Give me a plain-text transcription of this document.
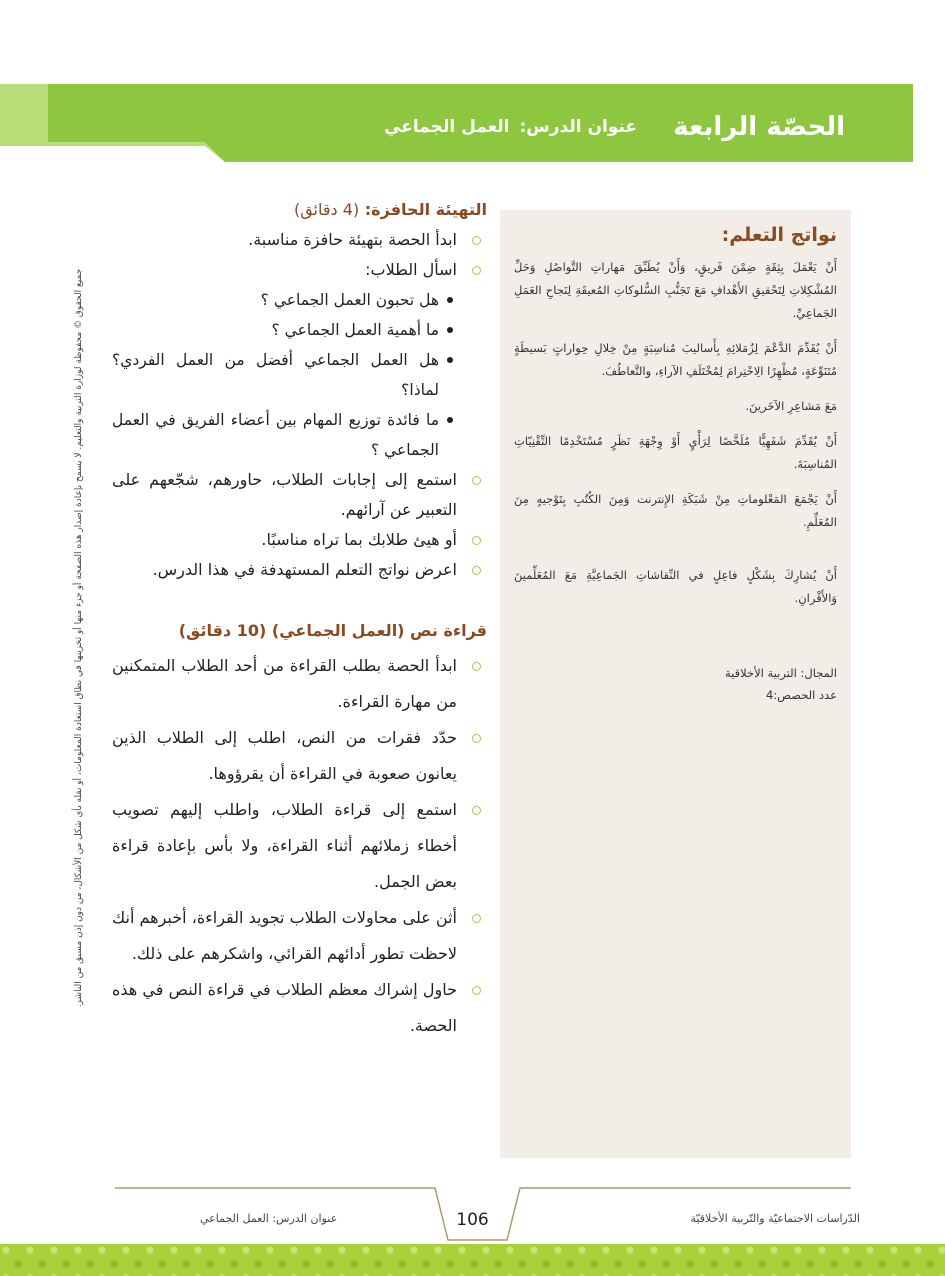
الحصّة الرابعة
عنوان الدرس:العمل الجماعي
جميع الحقوق © محفوظة لوزارة التربية والتعليم. لا يسمح بإعادة إصدار هذه الصفحة أو جزء منها أو تخزينها في نطاق استعادة المعلومات، أو نقله بأي شكل من الأشكال، من دون إذن مسبق من الناشر.
التهيئة الحافزة: (4 دقائق)
ابدأ الحصة بتهيئة حافزة مناسبة.
اسأل الطلاب:
هل تحبون العمل الجماعي ؟
ما أهمية العمل الجماعي ؟
هل العمل الجماعي أفضل من العمل الفردي؟ لماذا؟
ما فائدة توزيع المهام بين أعضاء الفريق في العمل الجماعي ؟
استمع إلى إجابات الطلاب، حاورهم، شجّعهم على التعبير عن آرائهم.
أو هيئ طلابك بما تراه مناسبًا.
اعرض نواتج التعلم المستهدفة في هذا الدرس.
قراءة نص (العمل الجماعي) (10 دقائق)
ابدأ الحصة بطلب القراءة من أحد الطلاب المتمكنين من مهارة القراءة.
حدّد فقرات من النص، اطلب إلى الطلاب الذين يعانون صعوبة في القراءة أن يقرؤوها.
استمع إلى قراءة الطلاب، واطلب إليهم تصويب أخطاء زملائهم أثناء القراءة، ولا بأس بإعادة قراءة بعض الجمل.
أثن على محاولات الطلاب تجويد القراءة، أخبرهم أنك لاحظت تطور أدائهم القرائي، واشكرهم على ذلك.
حاول إشراك معظم الطلاب في قراءة النص في هذه الحصة.
نواتج التعلم:

أَنْ يَعْمَلَ بِثِقَةٍ ضِمْنَ فَريقٍ، وَأَنْ يُطَبِّقَ مَهاراتِ التَّواصُلِ وَحَلِّ المُشْكِلاتِ لِتَحْقيقِ الأَهْدافِ مَعَ تَجَنُّبِ السُّلوكاتِ المُعيقَةِ لِنَجاحِ العَمَلِ الجَماعِيِّ.

أَنْ يُقَدِّمَ الدَّعْمَ لِزُمَلائِهِ بِأَساليبَ مُناسِبَةٍ مِنْ خِلالِ حِواراتٍ بَسيطَةٍ مُتَنَوِّعَةٍ، مُظْهِرًا الِاحْتِرامَ لِمُخْتَلَفِ الآراءِ، والتَّعاطُفَ.

مَعَ مَشاعِرِ الآخَرينَ.

أَنْ يُقَدِّمَ شَفَهِيًّا مُلَخَّصًا لِرَأْيٍ أَوْ وِجْهَةِ نَظَرٍ مُسْتَخْدِمًا التِّقْنِيّاتِ المُناسِبَةَ.

أَنْ يَجْمَعَ المَعْلوماتِ مِنْ شَبَكَةِ الإِنترنت وَمِنَ الكُتُبِ بِتَوْجيهٍ مِنَ المُعَلِّمِ.

أَنْ يُشارِكَ بِشَكْلٍ فاعِلٍ في النِّقاشاتِ الجَماعِيَّةِ مَعَ المُعَلِّمينَ وَالأَقْرانِ.

المجال: التربية الأخلاقية

عدد الحصص:4

عنوان الدرس: العمل الجماعي	106	الدّراسات الاجتماعيّة والتّربية الأخلاقيّة
